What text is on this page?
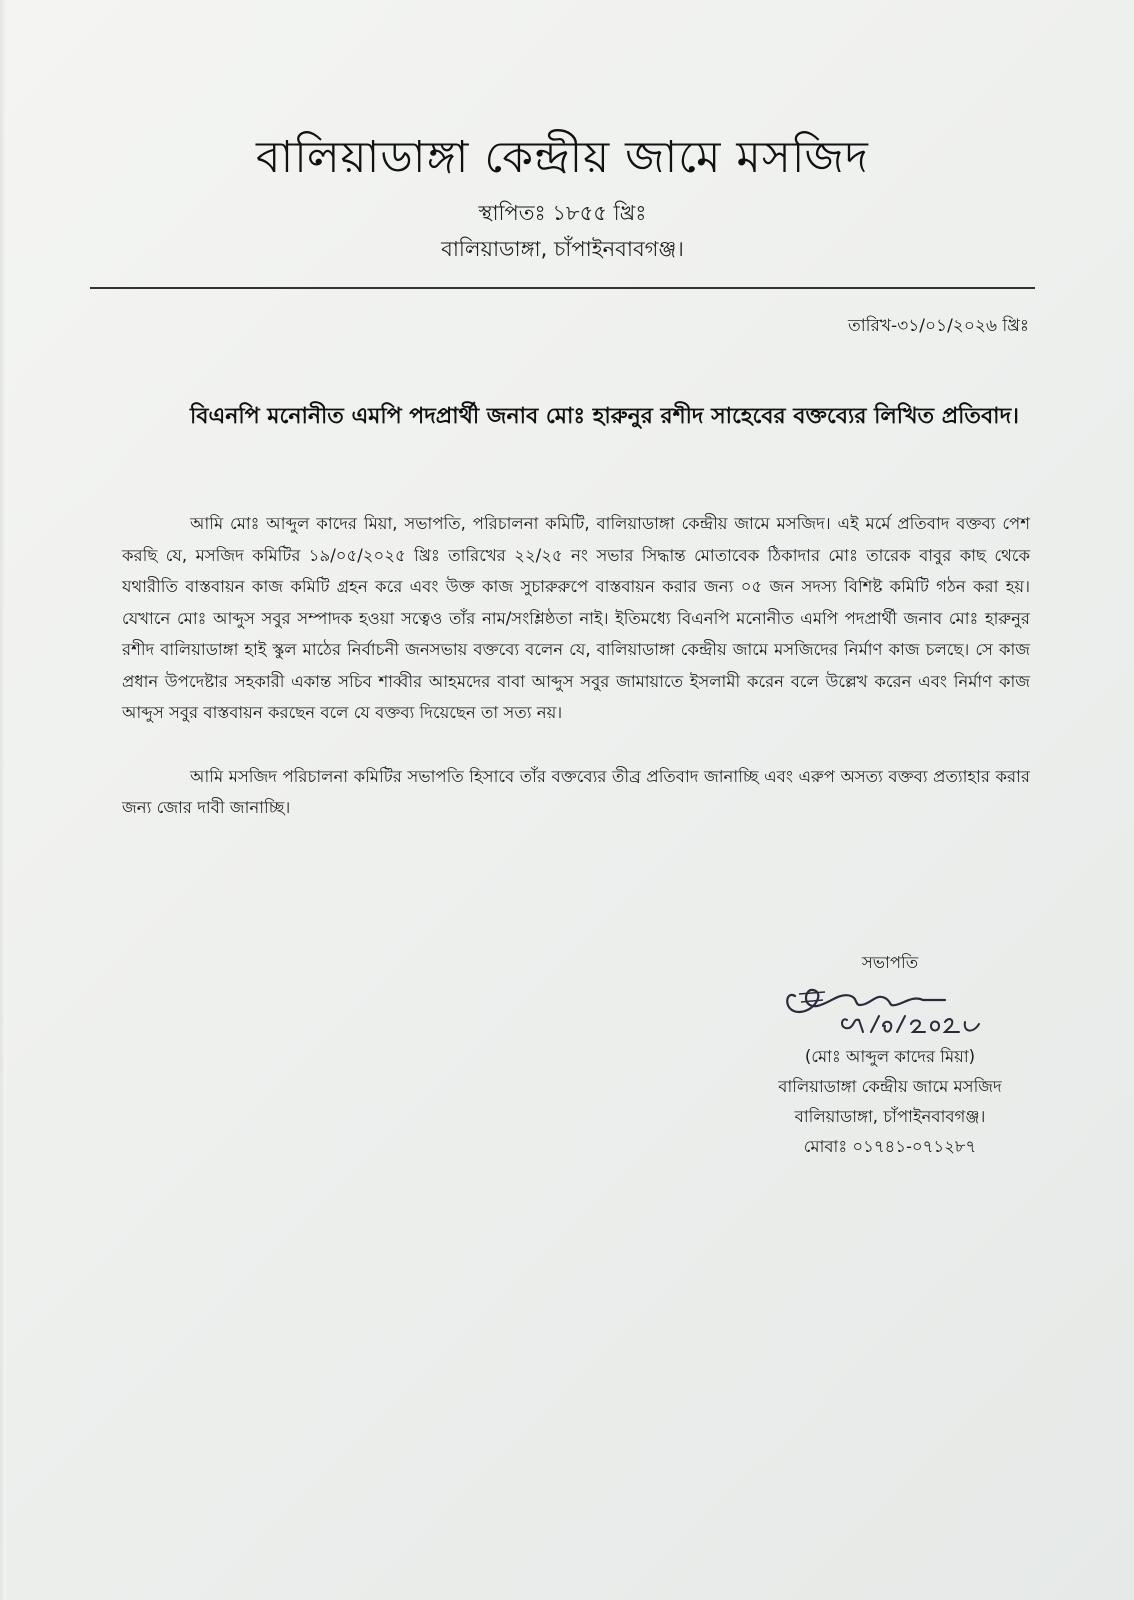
বালিয়াডাঙ্গা কেন্দ্রীয় জামে মসজিদ
স্থাপিতঃ ১৮৫৫ খ্রিঃ
বালিয়াডাঙ্গা, চাঁপাইনবাবগঞ্জ।
তারিখ-৩১/০১/২০২৬ খ্রিঃ
বিএনপি মনোনীত এমপি পদপ্রার্থী জনাব মোঃ হারুনুর রশীদ সাহেবের বক্তব্যের লিখিত প্রতিবাদ।

আমি মোঃ আব্দুল কাদের মিয়া, সভাপতি, পরিচালনা কমিটি, বালিয়াডাঙ্গা কেন্দ্রীয় জামে মসজিদ। এই মর্মে প্রতিবাদ বক্তব্য পেশ করছি যে, মসজিদ কমিটির ১৯/০৫/২০২৫ খ্রিঃ তারিখের ২২/২৫ নং সভার সিদ্ধান্ত মোতাবেক ঠিকাদার মোঃ তারেক বাবুর কাছ থেকে যথারীতি বাস্তবায়ন কাজ কমিটি গ্রহন করে এবং উক্ত কাজ সুচারুরুপে বাস্তবায়ন করার জন্য ০৫ জন সদস্য বিশিষ্ট কমিটি গঠন করা হয়। যেখানে মোঃ আব্দুস সবুর সম্পাদক হওয়া সত্বেও তাঁর নাম/সংশ্লিষ্ঠতা নাই। ইতিমধ্যে বিএনপি মনোনীত এমপি পদপ্রার্থী জনাব মোঃ হারুনুর রশীদ বালিয়াডাঙ্গা হাই স্কুল মাঠের নির্বাচনী জনসভায় বক্তব্যে বলেন যে, বালিয়াডাঙ্গা কেন্দ্রীয় জামে মসজিদের নির্মাণ কাজ চলছে। সে কাজ প্রধান উপদেষ্টার সহকারী একান্ত সচিব শাব্বীর আহমদের বাবা আব্দুস সবুর জামায়াতে ইসলামী করেন বলে উল্লেখ করেন এবং নির্মাণ কাজ আব্দুস সবুর বাস্তবায়ন করছেন বলে যে বক্তব্য দিয়েছেন তা সত্য নয়।

আমি মসজিদ পরিচালনা কমিটির সভাপতি হিসাবে তাঁর বক্তব্যের তীব্র প্রতিবাদ জানাচ্ছি এবং এরুপ অসত্য বক্তব্য প্রত্যাহার করার জন্য জোর দাবী জানাচ্ছি।

সভাপতি
(মোঃ আব্দুল কাদের মিয়া)
বালিয়াডাঙ্গা কেন্দ্রীয় জামে মসজিদ
বালিয়াডাঙ্গা, চাঁপাইনবাবগঞ্জ।
মোবাঃ ০১৭৪১-০৭১২৮৭
